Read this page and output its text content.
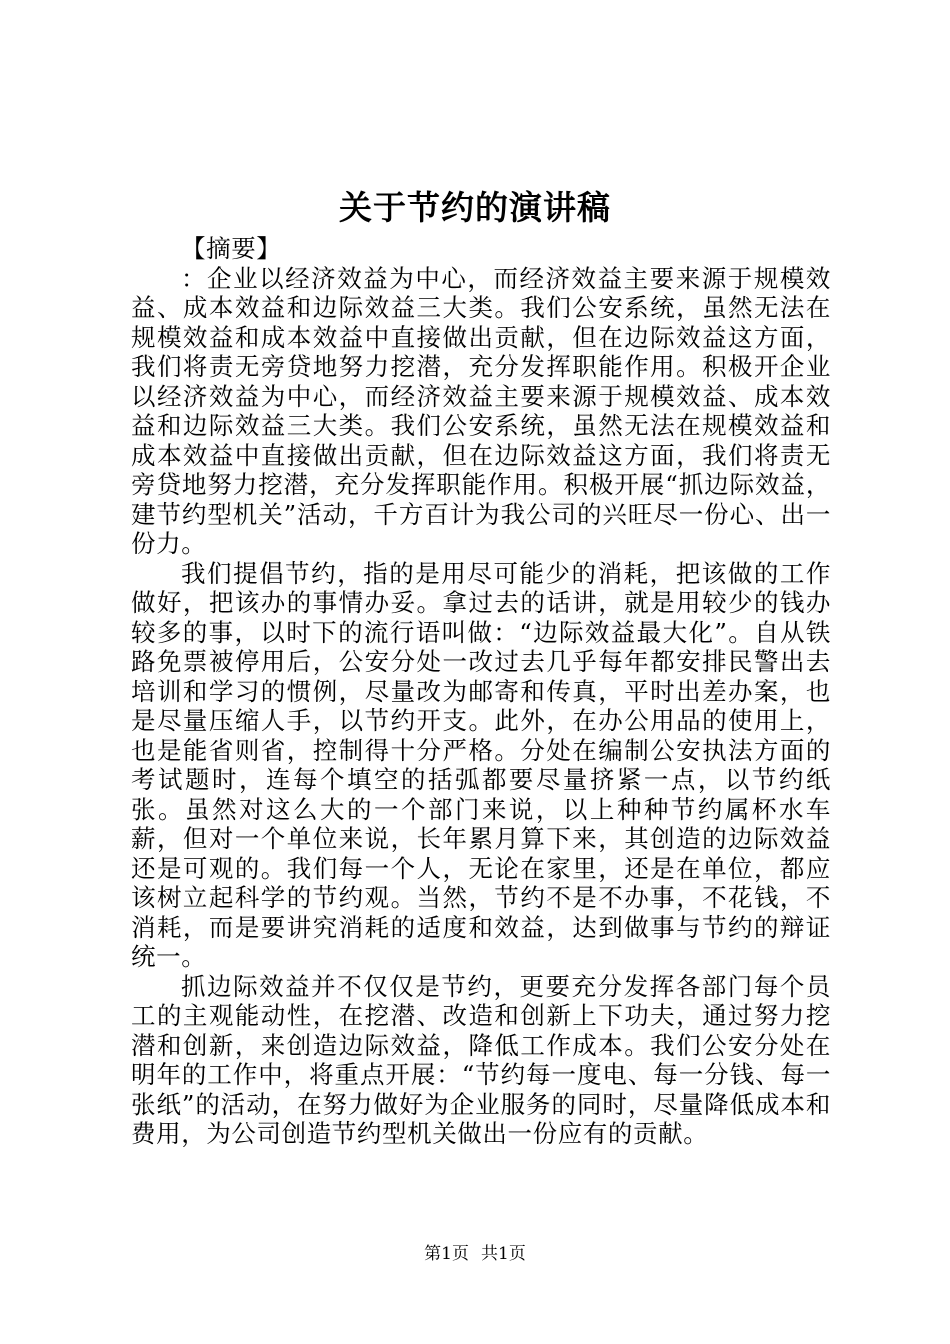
关于节约的演讲稿

【摘要】

：企业以经济效益为中心，而经济效益主要来源于规模效益、成本效益和边际效益三大类。我们公安系统，虽然无法在规模效益和成本效益中直接做出贡献，但在边际效益这方面，我们将责无旁贷地努力挖潜，充分发挥职能作用。积极开企业以经济效益为中心，而经济效益主要来源于规模效益、成本效益和边际效益三大类。我们公安系统，虽然无法在规模效益和成本效益中直接做出贡献，但在边际效益这方面，我们将责无旁贷地努力挖潜，充分发挥职能作用。积极开展“抓边际效益，建节约型机关”活动，千方百计为我公司的兴旺尽一份心、出一份力。

我们提倡节约，指的是用尽可能少的消耗，把该做的工作做好，把该办的事情办妥。拿过去的话讲，就是用较少的钱办较多的事，以时下的流行语叫做：“边际效益最大化”。自从铁路免票被停用后，公安分处一改过去几乎每年都安排民警出去培训和学习的惯例，尽量改为邮寄和传真，平时出差办案，也是尽量压缩人手，以节约开支。此外，在办公用品的使用上，也是能省则省，控制得十分严格。分处在编制公安执法方面的考试题时，连每个填空的括弧都要尽量挤紧一点，以节约纸张。虽然对这么大的一个部门来说，以上种种节约属杯水车薪，但对一个单位来说，长年累月算下来，其创造的边际效益还是可观的。我们每一个人，无论在家里，还是在单位，都应该树立起科学的节约观。当然，节约不是不办事，不花钱，不消耗，而是要讲究消耗的适度和效益，达到做事与节约的辩证统一。

抓边际效益并不仅仅是节约，更要充分发挥各部门每个员工的主观能动性，在挖潜、改造和创新上下功夫，通过努力挖潜和创新，来创造边际效益，降低工作成本。我们公安分处在明年的工作中，将重点开展：“节约每一度电、每一分钱、每一张纸”的活动，在努力做好为企业服务的同时，尽量降低成本和费用，为公司创造节约型机关做出一份应有的贡献。

第1页 共1页
